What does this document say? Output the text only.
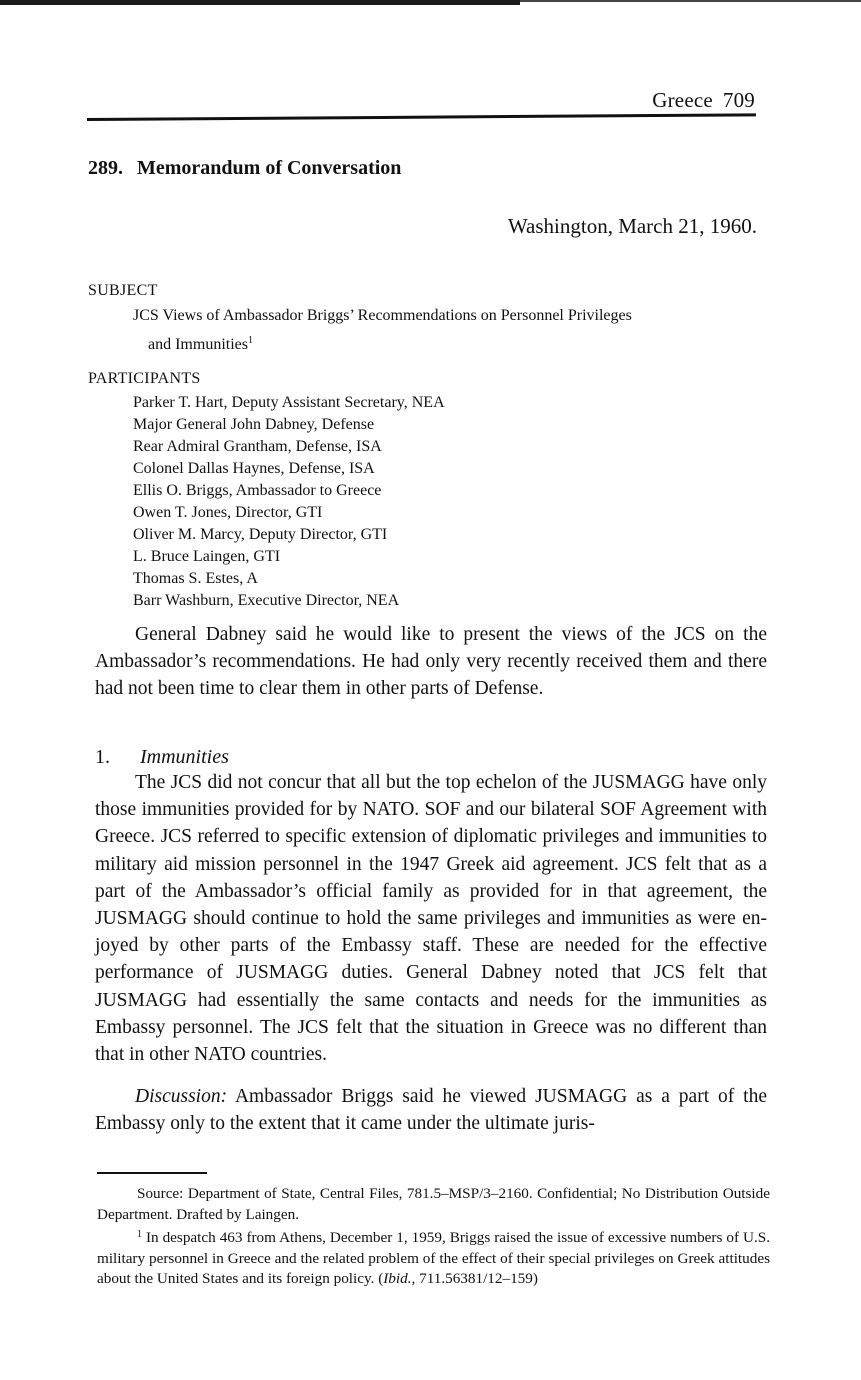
Greece 709
289. Memorandum of Conversation
Washington, March 21, 1960.
SUBJECT
JCS Views of Ambassador Briggs’ Recommendations on Personnel Privileges
and Immunities$^1$
PARTICIPANTS
Parker T. Hart, Deputy Assistant Secretary, NEA
Major General John Dabney, Defense
Rear Admiral Grantham, Defense, ISA
Colonel Dallas Haynes, Defense, ISA
Ellis O. Briggs, Ambassador to Greece
Owen T. Jones, Director, GTI
Oliver M. Marcy, Deputy Director, GTI
L. Bruce Laingen, GTI
Thomas S. Estes, A
Barr Washburn, Executive Director, NEA

General Dabney said he would like to present the views of the JCS on the Ambassador’s recommendations. He had only very recently received them and there had not been time to clear them in other parts of Defense.

1. Immunities

The JCS did not concur that all but the top echelon of the JUSMAGG have only those immunities provided for by NATO. SOF and our bilateral SOF Agreement with Greece. JCS referred to specific extension of diplomatic privileges and immunities to military aid mission personnel in the 1947 Greek aid agreement. JCS felt that as a part of the Ambassador’s official family as provided for in that agreement, the JUSMAGG should continue to hold the same privileges and immunities as were enjoyed by other parts of the Embassy staff. These are needed for the effective performance of JUSMAGG duties. General Dabney noted that JCS felt that JUSMAGG had essentially the same contacts and needs for the immunities as Embassy personnel. The JCS felt that the situation in Greece was no different than that in other NATO countries.

Discussion: Ambassador Briggs said he viewed JUSMAGG as a part of the Embassy only to the extent that it came under the ultimate juris-

Source: Department of State, Central Files, 781.5–MSP/3–2160. Confidential; No Distribution Outside Department. Drafted by Laingen.

$^1$ In despatch 463 from Athens, December 1, 1959, Briggs raised the issue of excessive numbers of U.S. military personnel in Greece and the related problem of the effect of their special privileges on Greek attitudes about the United States and its foreign policy. (Ibid., 711.56381/12–159)
